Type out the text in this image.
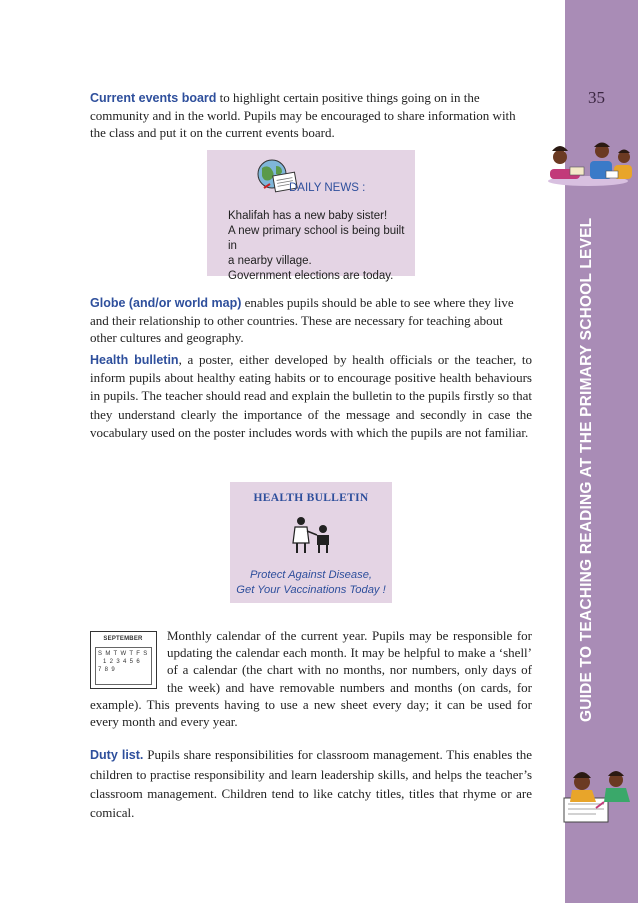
35
GUIDE TO TEACHING READING AT THE PRIMARY SCHOOL LEVEL
Current events board to highlight certain positive things going on in the community and in the world. Pupils may be encouraged to share information with the class and put it on the current events board.
DAILY NEWS :
Khalifah has a new baby sister!
A new primary school is being built in
a nearby village.
Government elections are today.
Globe (and/or world map) enables pupils should be able to see where they live and their relationship to other countries. These are necessary for teaching about other cultures and geography.
Health bulletin, a poster, either developed by health officials or the teacher, to inform pupils about healthy eating habits or to encourage positive health behaviours in pupils. The teacher should read and explain the bulletin to the pupils firstly so that they understand clearly the importance of the message and secondly in case the vocabulary used on the poster includes words with which the pupils are not familiar.
HEALTH BULLETIN
Protect Against Disease,
Get Your Vaccinations Today !
Monthly calendar of the current year. Pupils may be responsible for updating the calendar each month. It may be helpful to make a ‘shell’ of a calendar (the chart with no months, nor numbers, only days of the week) and have removable numbers and months (on cards, for example). This prevents having to use a new sheet every day; it can be used for every month and every year.
SEPTEMBER
S  M  T  W  T  F  S
1  2  3  4  5  6
7  8  9
Duty list. Pupils share responsibilities for classroom management. This enables the children to practise responsibility and learn leadership skills, and helps the teacher’s classroom management. Children tend to like catchy titles, titles that rhyme or are comical.
